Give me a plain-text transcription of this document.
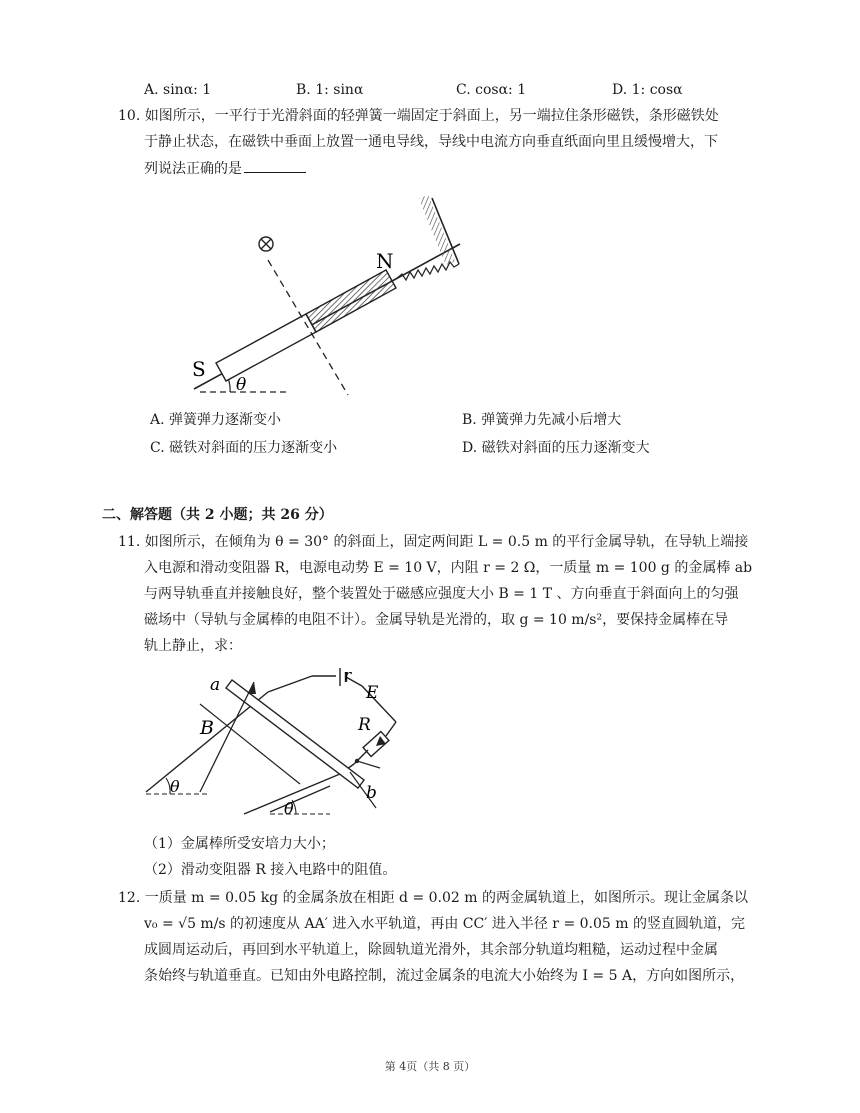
A. sinα: 1	B. 1: sinα	C. cosα: 1	D. 1: cosα
10. 如图所示，一平行于光滑斜面的轻弹簧一端固定于斜面上，另一端拉住条形磁铁，条形磁铁处
于静止状态，在磁铁中垂面上放置一通电导线，导线中电流方向垂直纸面向里且缓慢增大，下
列说法正确的是
θ
N
S
A. 弹簧弹力逐渐变小	B. 弹簧弹力先减小后增大
C. 磁铁对斜面的压力逐渐变小	D. 磁铁对斜面的压力逐渐变大
二、解答题（共 2 小题；共 26 分）
11. 如图所示，在倾角为 θ = 30° 的斜面上，固定两间距 L = 0.5 m 的平行金属导轨，在导轨上端接
入电源和滑动变阻器 R，电源电动势 E = 10 V，内阻 r = 2 Ω，一质量 m = 100 g 的金属棒 ab
与两导轨垂直并接触良好，整个装置处于磁感应强度大小 B = 1 T 、方向垂直于斜面向上的匀强
磁场中（导轨与金属棒的电阻不计）。金属导轨是光滑的，取 g = 10 m/s²，要保持金属棒在导
轨上静止，求：
a
b
B
r
E
R
θ
θ
（1）金属棒所受安培力大小；
（2）滑动变阻器 R 接入电路中的阻值。
12. 一质量 m = 0.05 kg 的金属条放在相距 d = 0.02 m 的两金属轨道上，如图所示。现让金属条以
v₀ = √5 m/s 的初速度从 AA′ 进入水平轨道，再由 CC′ 进入半径 r = 0.05 m 的竖直圆轨道，完
成圆周运动后，再回到水平轨道上，除圆轨道光滑外，其余部分轨道均粗糙，运动过程中金属
条始终与轨道垂直。已知由外电路控制，流过金属条的电流大小始终为 I = 5 A，方向如图所示，
第 4页（共 8 页）
